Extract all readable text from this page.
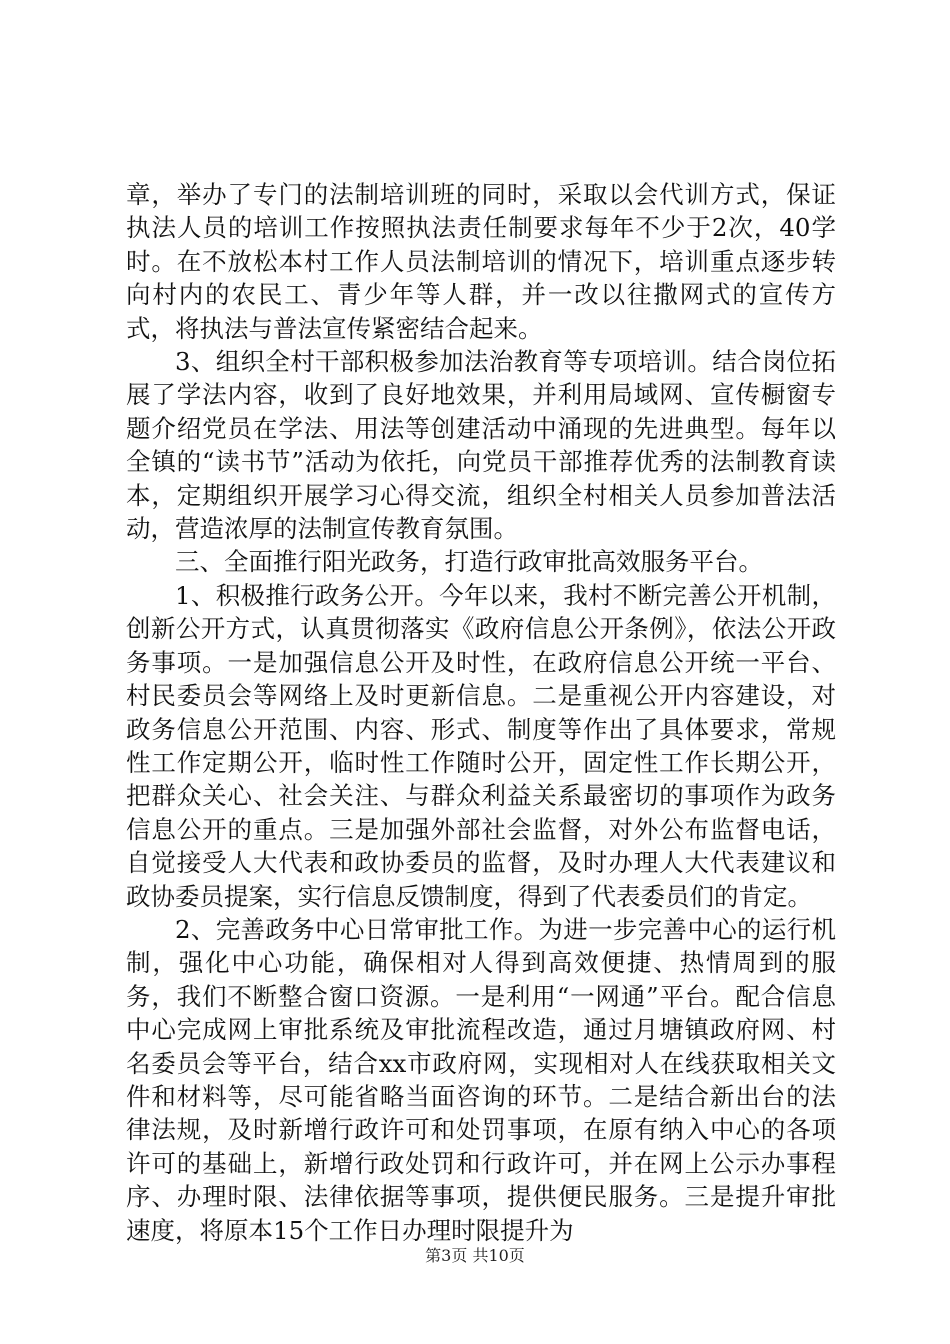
章，举办了专门的法制培训班的同时，采取以会代训方式，保证执法人员的培训工作按照执法责任制要求每年不少于2次，40学时。在不放松本村工作人员法制培训的情况下，培训重点逐步转向村内的农民工、青少年等人群，并一改以往撒网式的宣传方式，将执法与普法宣传紧密结合起来。

3、组织全村干部积极参加法治教育等专项培训。结合岗位拓展了学法内容，收到了良好地效果，并利用局域网、宣传橱窗专题介绍党员在学法、用法等创建活动中涌现的先进典型。每年以全镇的“读书节”活动为依托，向党员干部推荐优秀的法制教育读本，定期组织开展学习心得交流，组织全村相关人员参加普法活动，营造浓厚的法制宣传教育氛围。

三、全面推行阳光政务，打造行政审批高效服务平台。

1、积极推行政务公开。今年以来，我村不断完善公开机制，创新公开方式，认真贯彻落实《政府信息公开条例》，依法公开政务事项。一是加强信息公开及时性，在政府信息公开统一平台、村民委员会等网络上及时更新信息。二是重视公开内容建设，对政务信息公开范围、内容、形式、制度等作出了具体要求，常规性工作定期公开，临时性工作随时公开，固定性工作长期公开，把群众关心、社会关注、与群众利益关系最密切的事项作为政务信息公开的重点。三是加强外部社会监督，对外公布监督电话，自觉接受人大代表和政协委员的监督，及时办理人大代表建议和政协委员提案，实行信息反馈制度，得到了代表委员们的肯定。

2、完善政务中心日常审批工作。为进一步完善中心的运行机制，强化中心功能，确保相对人得到高效便捷、热情周到的服务，我们不断整合窗口资源。一是利用“一网通”平台。配合信息中心完成网上审批系统及审批流程改造，通过月塘镇政府网、村名委员会等平台，结合xx市政府网，实现相对人在线获取相关文件和材料等，尽可能省略当面咨询的环节。二是结合新出台的法律法规，及时新增行政许可和处罚事项，在原有纳入中心的各项许可的基础上，新增行政处罚和行政许可，并在网上公示办事程序、办理时限、法律依据等事项，提供便民服务。三是提升审批速度，将原本15个工作日办理时限提升为

第3页 共10页
